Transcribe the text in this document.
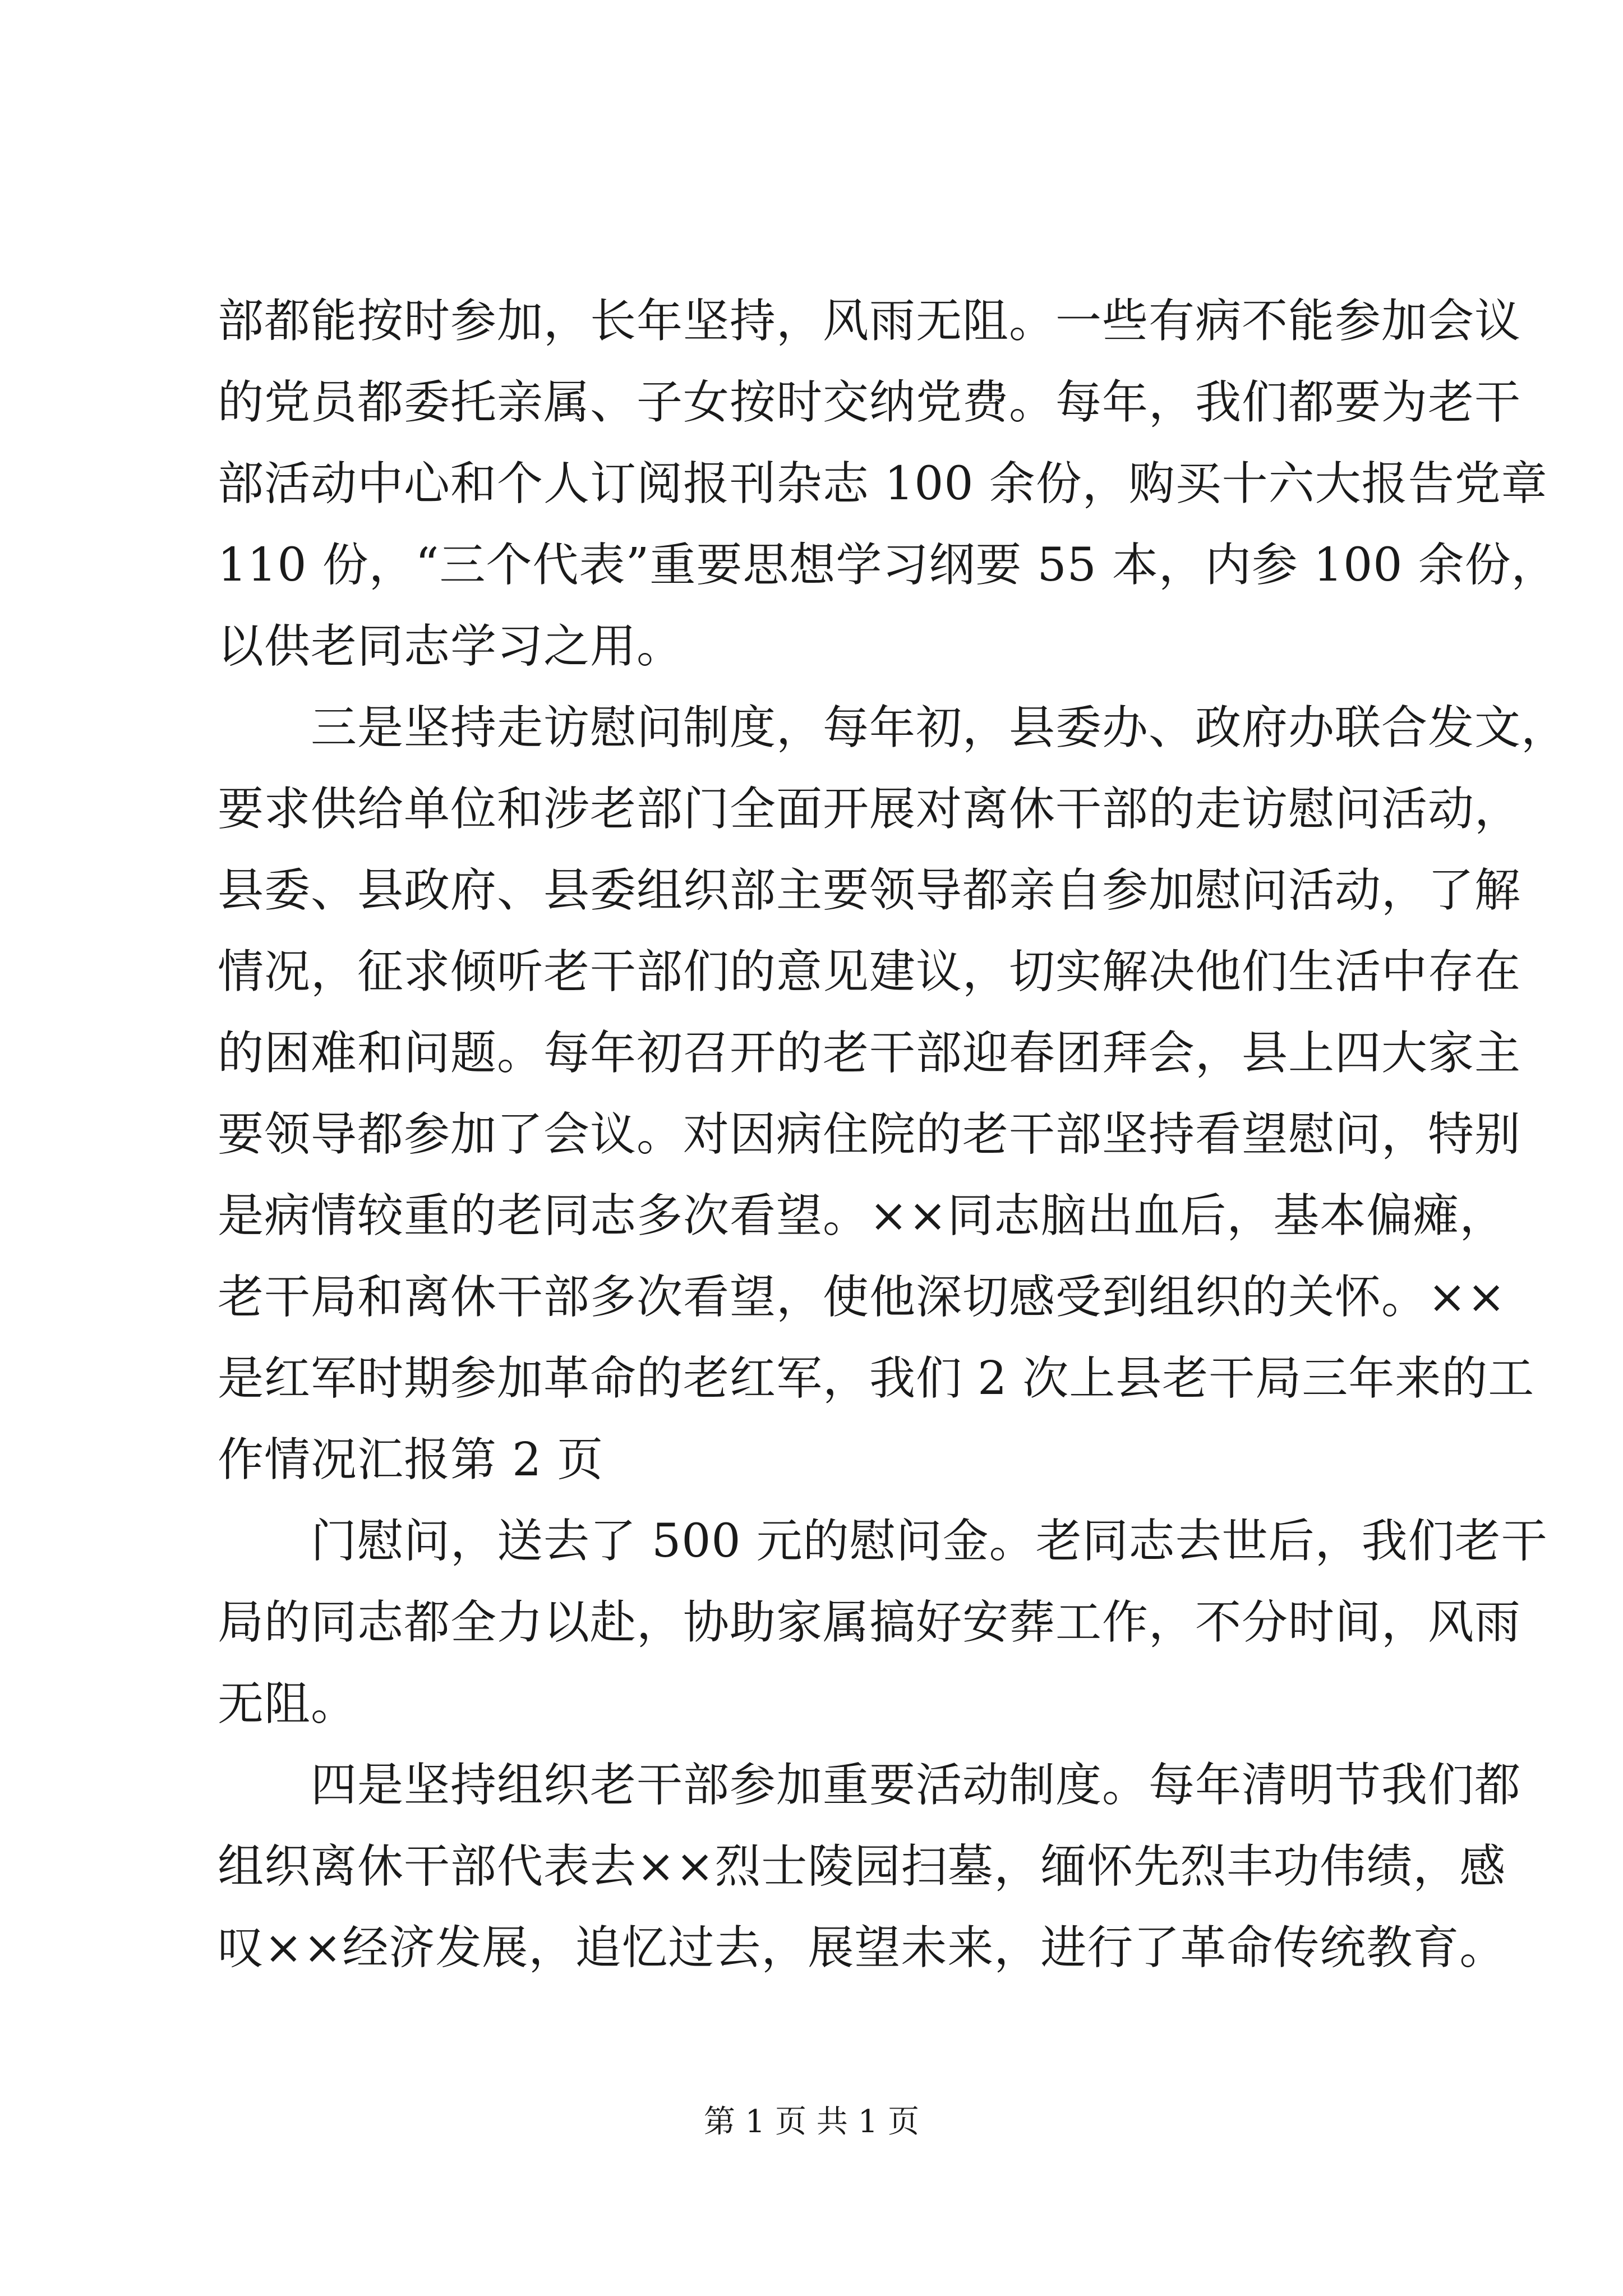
部都能按时参加，长年坚持，风雨无阻。一些有病不能参加会议
的党员都委托亲属、子女按时交纳党费。每年，我们都要为老干
部活动中心和个人订阅报刊杂志 100 余份，购买十六大报告党章
110 份，“三个代表”重要思想学习纲要 55 本，内参 100 余份，
以供老同志学习之用。
三是坚持走访慰问制度，每年初，县委办、政府办联合发文，
要求供给单位和涉老部门全面开展对离休干部的走访慰问活动，
县委、县政府、县委组织部主要领导都亲自参加慰问活动，了解
情况，征求倾听老干部们的意见建议，切实解决他们生活中存在
的困难和问题。每年初召开的老干部迎春团拜会，县上四大家主
要领导都参加了会议。对因病住院的老干部坚持看望慰问，特别
是病情较重的老同志多次看望。××同志脑出血后，基本偏瘫，
老干局和离休干部多次看望，使他深切感受到组织的关怀。××
是红军时期参加革命的老红军，我们 2 次上县老干局三年来的工
作情况汇报第 2 页
门慰问，送去了 500 元的慰问金。老同志去世后，我们老干
局的同志都全力以赴，协助家属搞好安葬工作，不分时间，风雨
无阻。
四是坚持组织老干部参加重要活动制度。每年清明节我们都
组织离休干部代表去××烈士陵园扫墓，缅怀先烈丰功伟绩，感
叹××经济发展，追忆过去，展望未来，进行了革命传统教育。
第 1 页 共 1 页
